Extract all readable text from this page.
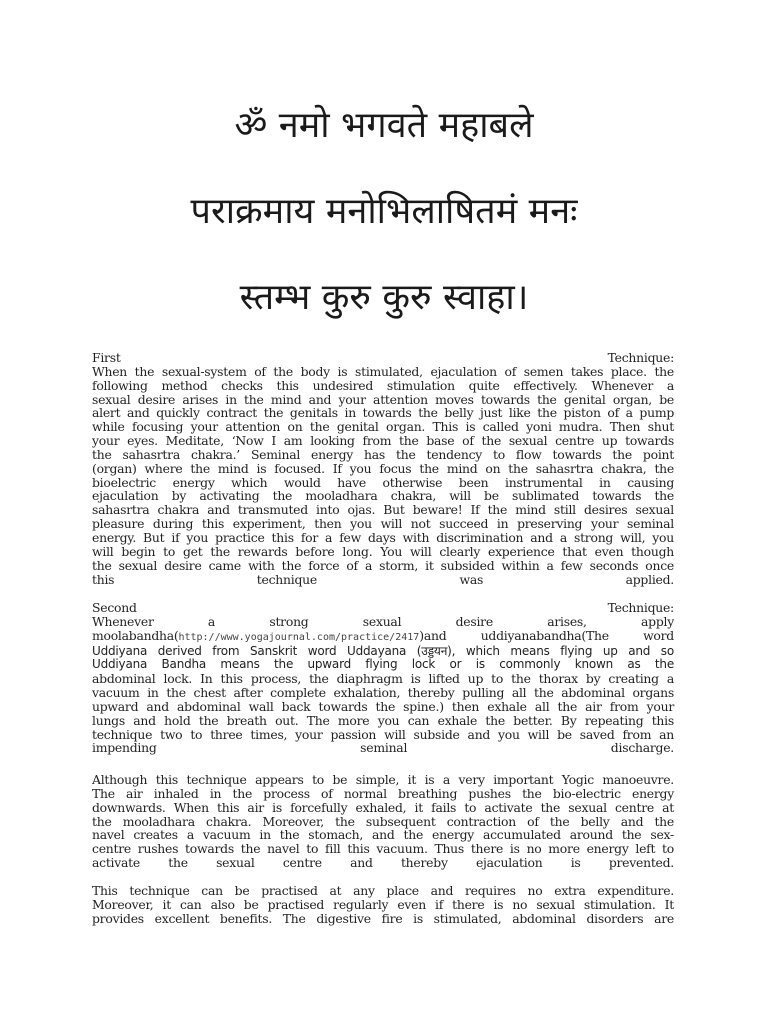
ॐ नमो भगवते महाबले
पराक्रमाय मनोभिलाषितमं मनः
स्तम्भ कुरु कुरु स्वाहा।
First Technique:
When the sexual-system of the body is stimulated, ejaculation of semen takes place. the
following method checks this undesired stimulation quite effectively. Whenever a
sexual desire arises in the mind and your attention moves towards the genital organ, be
alert and quickly contract the genitals in towards the belly just like the piston of a pump
while focusing your attention on the genital organ. This is called yoni mudra. Then shut
your eyes. Meditate, ‘Now I am looking from the base of the sexual centre up towards
the sahasrtra chakra.’ Seminal energy has the tendency to flow towards the point
(organ) where the mind is focused. If you focus the mind on the sahasrtra chakra, the
bioelectric energy which would have otherwise been instrumental in causing
ejaculation by activating the mooladhara chakra, will be sublimated towards the
sahasrtra chakra and transmuted into ojas. But beware! If the mind still desires sexual
pleasure during this experiment, then you will not succeed in preserving your seminal
energy. But if you practice this for a few days with discrimination and a strong will, you
will begin to get the rewards before long. You will clearly experience that even though
the sexual desire came with the force of a storm, it subsided within a few seconds once
this technique was applied.
Second Technique:
Whenever a strong sexual desire arises, apply
moolabandha(http://www.yogajournal.com/practice/2417)and uddiyanabandha(The word
Uddiyana derived from Sanskrit word Uddayana (उड्डयन), which means flying up and so
Uddiyana Bandha means the upward flying lock or is commonly known as the
abdominal lock. In this process, the diaphragm is lifted up to the thorax by creating a
vacuum in the chest after complete exhalation, thereby pulling all the abdominal organs
upward and abdominal wall back towards the spine.) then exhale all the air from your
lungs and hold the breath out. The more you can exhale the better. By repeating this
technique two to three times, your passion will subside and you will be saved from an
impending seminal discharge.
Although this technique appears to be simple, it is a very important Yogic manoeuvre.
The air inhaled in the process of normal breathing pushes the bio-electric energy
downwards. When this air is forcefully exhaled, it fails to activate the sexual centre at
the mooladhara chakra. Moreover, the subsequent contraction of the belly and the
navel creates a vacuum in the stomach, and the energy accumulated around the sex-
centre rushes towards the navel to fill this vacuum. Thus there is no more energy left to
activate the sexual centre and thereby ejaculation is prevented.
This technique can be practised at any place and requires no extra expenditure.
Moreover, it can also be practised regularly even if there is no sexual stimulation. It
provides excellent benefits. The digestive fire is stimulated, abdominal disorders are
